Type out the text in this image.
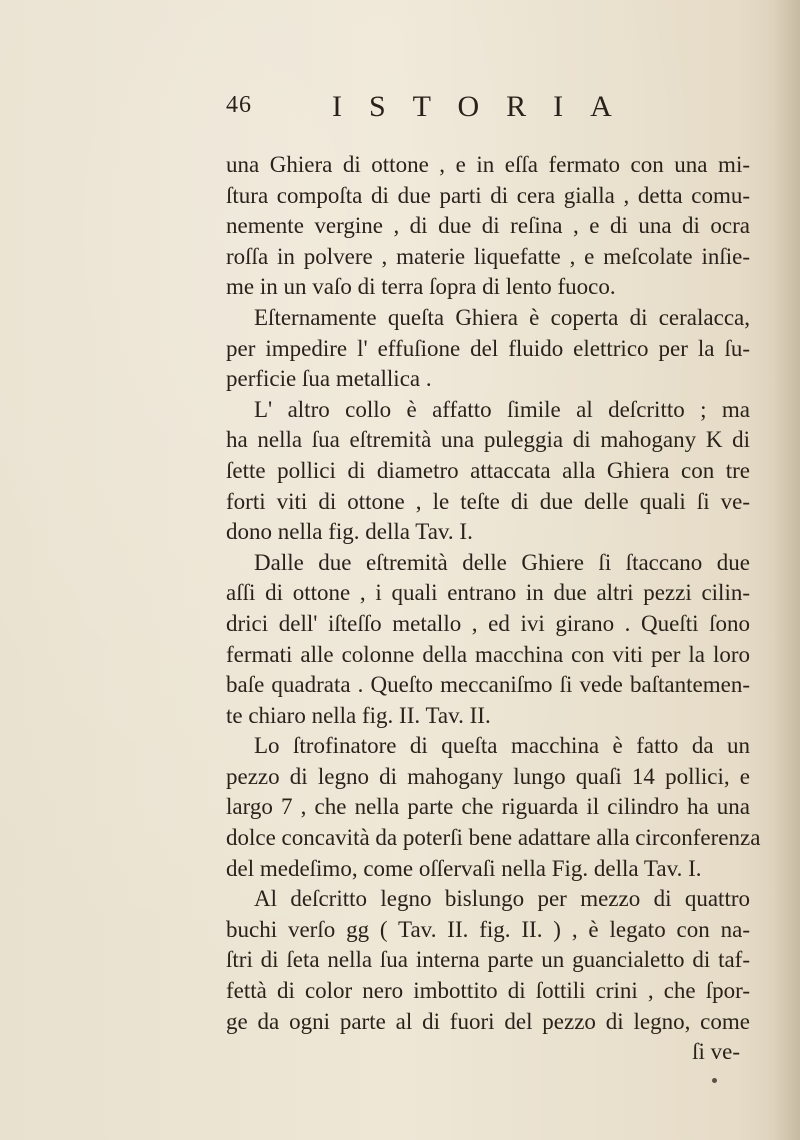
46	ISTORIA
una Ghiera di ottone , e in eſſa fermato con una mi-
ſtura compoſta di due parti di cera gialla , detta comu-
nemente vergine , di due di reſina , e di una di ocra
roſſa in polvere , materie liquefatte , e meſcolate inſie-
me in un vaſo di terra ſopra di lento fuoco.
Eſternamente queſta Ghiera è coperta di ceralacca,
per impedire l' effuſione del fluido elettrico per la ſu-
perficie ſua metallica .
L' altro collo è affatto ſimile al deſcritto ; ma
ha nella ſua eſtremità una puleggia di mahogany K di
ſette pollici di diametro attaccata alla Ghiera con tre
forti viti di ottone , le teſte di due delle quali ſi ve-
dono nella fig. della Tav. I.
Dalle due eſtremità delle Ghiere ſi ſtaccano due
aſſi di ottone , i quali entrano in due altri pezzi cilin-
drici dell' iſteſſo metallo , ed ivi girano . Queſti ſono
fermati alle colonne della macchina con viti per la loro
baſe quadrata . Queſto meccaniſmo ſi vede baſtantemen-
te chiaro nella fig. II. Tav. II.
Lo ſtrofinatore di queſta macchina è fatto da un
pezzo di legno di mahogany lungo quaſi 14 pollici, e
largo 7 , che nella parte che riguarda il cilindro ha una
dolce concavità da poterſi bene adattare alla circonferenza
del medeſimo, come oſſervaſi nella Fig. della Tav. I.
Al deſcritto legno bislungo per mezzo di quattro
buchi verſo gg ( Tav. II. fig. II. ) , è legato con na-
ſtri di ſeta nella ſua interna parte un guancialetto di taf-
fettà di color nero imbottito di ſottili crini , che ſpor-
ge da ogni parte al di fuori del pezzo di legno, come
ſi ve-
